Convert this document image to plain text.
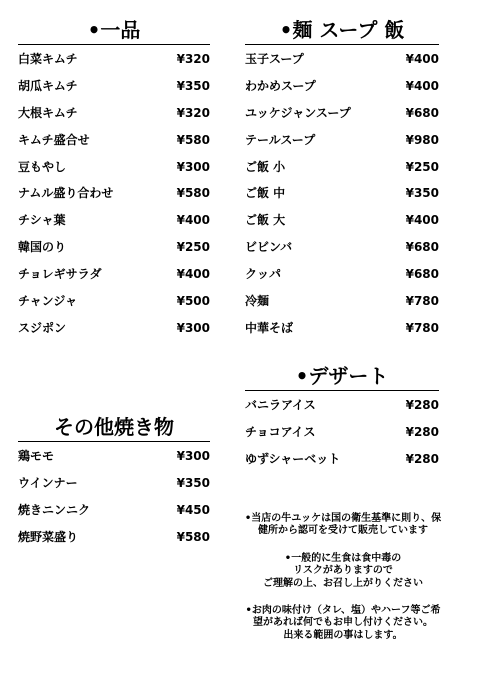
•一品
白菜キムチ	¥320
胡瓜キムチ	¥350
大根キムチ	¥320
キムチ盛合せ	¥580
豆もやし	¥300
ナムル盛り合わせ	¥580
チシャ葉	¥400
韓国のり	¥250
チョレギサラダ	¥400
チャンジャ	¥500
スジポン	¥300
•麺 スープ 飯
玉子スープ	¥400
わかめスープ	¥400
ユッケジャンスープ	¥680
テールスープ	¥980
ご飯 小	¥250
ご飯 中	¥350
ご飯 大	¥400
ビビンバ	¥680
クッパ	¥680
冷麺	¥780
中華そば	¥780
•デザート
バニラアイス	¥280
チョコアイス	¥280
ゆずシャーベット	¥280
その他焼き物
鶏モモ	¥300
ウインナー	¥350
焼きニンニク	¥450
焼野菜盛り	¥580

•当店の牛ユッケは国の衛生基準に則り、保健所から認可を受けて販売しています

•一般的に生食は食中毒の
リスクがありますので
ご理解の上、お召し上がりください

•お肉の味付け（タレ、塩）やハーフ等ご希望があれば何でもお申し付けください。
出来る範囲の事はします。
